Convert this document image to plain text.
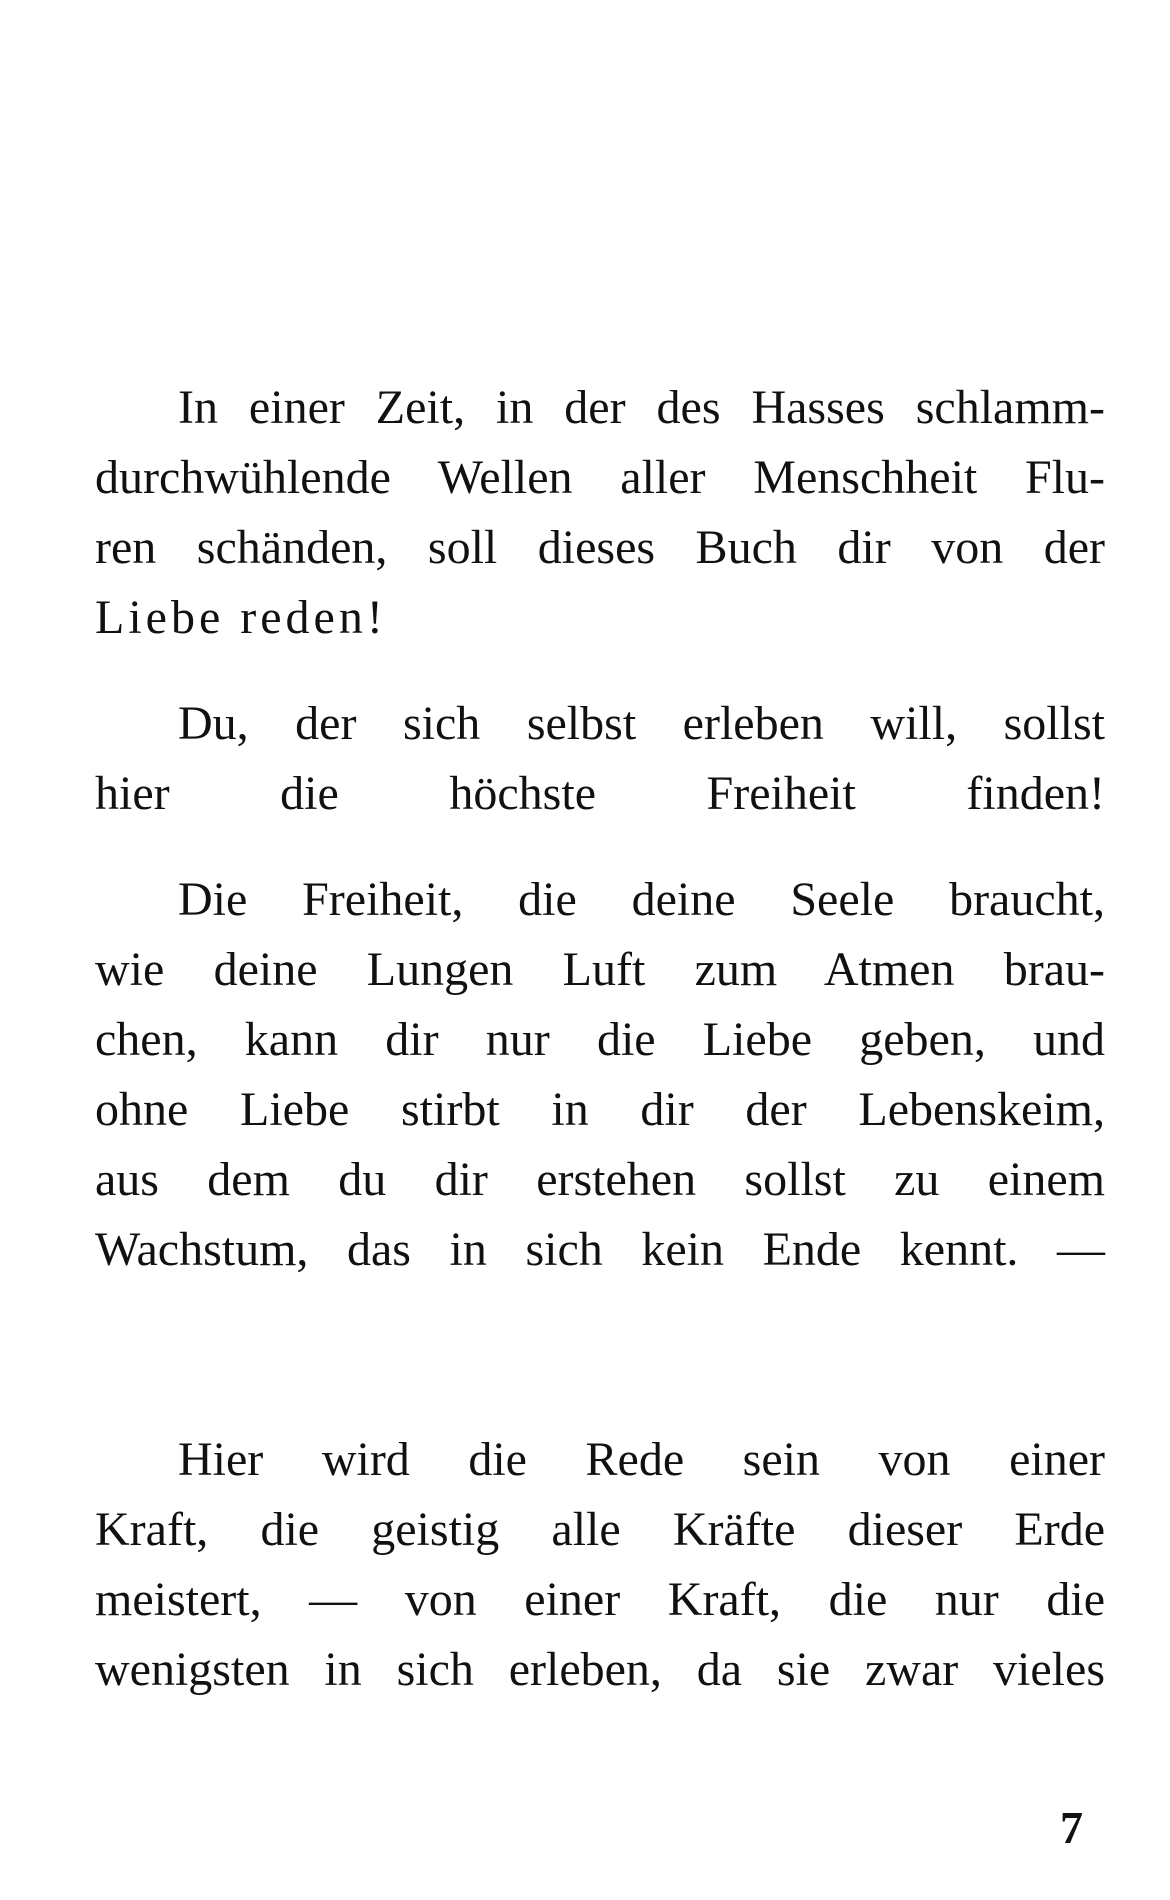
In einer Zeit, in der des Hasses schlamm-
durchwühlende Wellen aller Menschheit Flu-
ren schänden, soll dieses Buch dir von der
Liebe reden!
Du, der sich selbst erleben will, sollst
hier die höchste Freiheit finden!
Die Freiheit, die deine Seele braucht,
wie deine Lungen Luft zum Atmen brau-
chen, kann dir nur die Liebe geben, und
ohne Liebe stirbt in dir der Lebenskeim,
aus dem du dir erstehen sollst zu einem
Wachstum, das in sich kein Ende kennt. —
Hier wird die Rede sein von einer
Kraft, die geistig alle Kräfte dieser Erde
meistert, — von einer Kraft, die nur die
wenigsten in sich erleben, da sie zwar vieles
7
